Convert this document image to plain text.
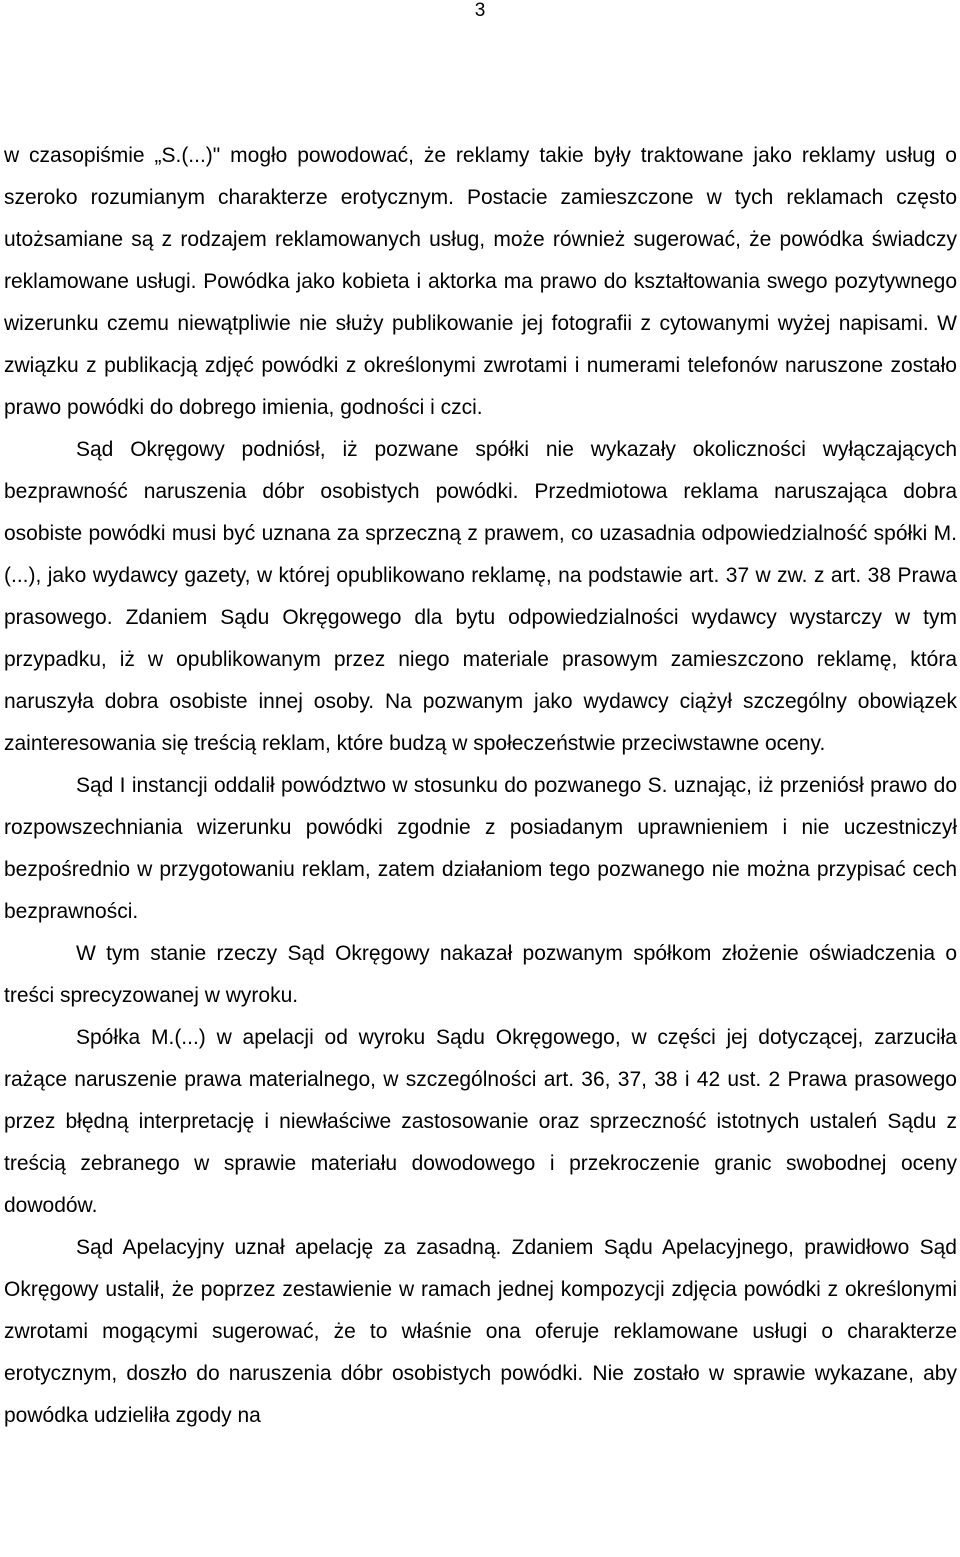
3

w czasopiśmie „S.(...)" mogło powodować, że reklamy takie były traktowane jako reklamy usług o szeroko rozumianym charakterze erotycznym. Postacie zamieszczone w tych reklamach często utożsamiane są z rodzajem reklamowanych usług, może również sugerować, że powódka świadczy reklamowane usługi. Powódka jako kobieta i aktorka ma prawo do kształtowania swego pozytywnego wizerunku czemu niewątpliwie nie służy publikowanie jej fotografii z cytowanymi wyżej napisami. W związku z publikacją zdjęć powódki z określonymi zwrotami i numerami telefonów naruszone zostało prawo powódki do dobrego imienia, godności i czci.

Sąd Okręgowy podniósł, iż pozwane spółki nie wykazały okoliczności wyłączających bezprawność naruszenia dóbr osobistych powódki. Przedmiotowa reklama naruszająca dobra osobiste powódki musi być uznana za sprzeczną z prawem, co uzasadnia odpowiedzialność spółki M.(...), jako wydawcy gazety, w której opublikowano reklamę, na podstawie art. 37 w zw. z art. 38 Prawa prasowego. Zdaniem Sądu Okręgowego dla bytu odpowiedzialności wydawcy wystarczy w tym przypadku, iż w opublikowanym przez niego materiale prasowym zamieszczono reklamę, która naruszyła dobra osobiste innej osoby. Na pozwanym jako wydawcy ciążył szczególny obowiązek zainteresowania się treścią reklam, które budzą w społeczeństwie przeciwstawne oceny.

Sąd I instancji oddalił powództwo w stosunku do pozwanego S. uznając, iż przeniósł prawo do rozpowszechniania wizerunku powódki zgodnie z posiadanym uprawnieniem i nie uczestniczył bezpośrednio w przygotowaniu reklam, zatem działaniom tego pozwanego nie można przypisać cech bezprawności.

W tym stanie rzeczy Sąd Okręgowy nakazał pozwanym spółkom złożenie oświadczenia o treści sprecyzowanej w wyroku.

Spółka M.(...) w apelacji od wyroku Sądu Okręgowego, w części jej dotyczącej, zarzuciła rażące naruszenie prawa materialnego, w szczególności art. 36, 37, 38 i 42 ust. 2 Prawa prasowego przez błędną interpretację i niewłaściwe zastosowanie oraz sprzeczność istotnych ustaleń Sądu z treścią zebranego w sprawie materiału dowodowego i przekroczenie granic swobodnej oceny dowodów.

Sąd Apelacyjny uznał apelację za zasadną. Zdaniem Sądu Apelacyjnego, prawidłowo Sąd Okręgowy ustalił, że poprzez zestawienie w ramach jednej kompozycji zdjęcia powódki z określonymi zwrotami mogącymi sugerować, że to właśnie ona oferuje reklamowane usługi o charakterze erotycznym, doszło do naruszenia dóbr osobistych powódki. Nie zostało w sprawie wykazane, aby powódka udzieliła zgody na
